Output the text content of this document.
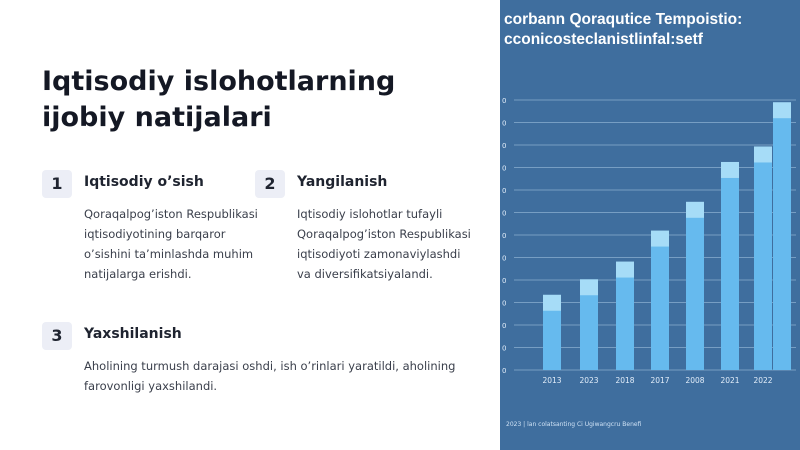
Iqtisodiy islohotlarning ijobiy natijalari
1	Iqtisodiy o’sish

Qoraqalpog’iston Respublikasi iqtisodiyotining barqaror o’sishini ta’minlashda muhim natijalarga erishdi.

2	Yangilanish

Iqtisodiy islohotlar tufayli Qoraqalpog’iston Respublikasi iqtisodiyoti zamonaviylashdi va diversifikatsiyalandi.

3	Yaxshilanish

Aholining turmush darajasi oshdi, ish o’rinlari yaratildi, aholining farovonligi yaxshilandi.

corbann Qoraqutice Tempoistio:
cconicosteclanistlinfal:setf
0
0
0
0
0
0
0
0
0
0
0
0
0
2013 2023 2018 2017 2008 2021 2022
2023 | lan colatsanting Ci Ugiwangcru Benefi
